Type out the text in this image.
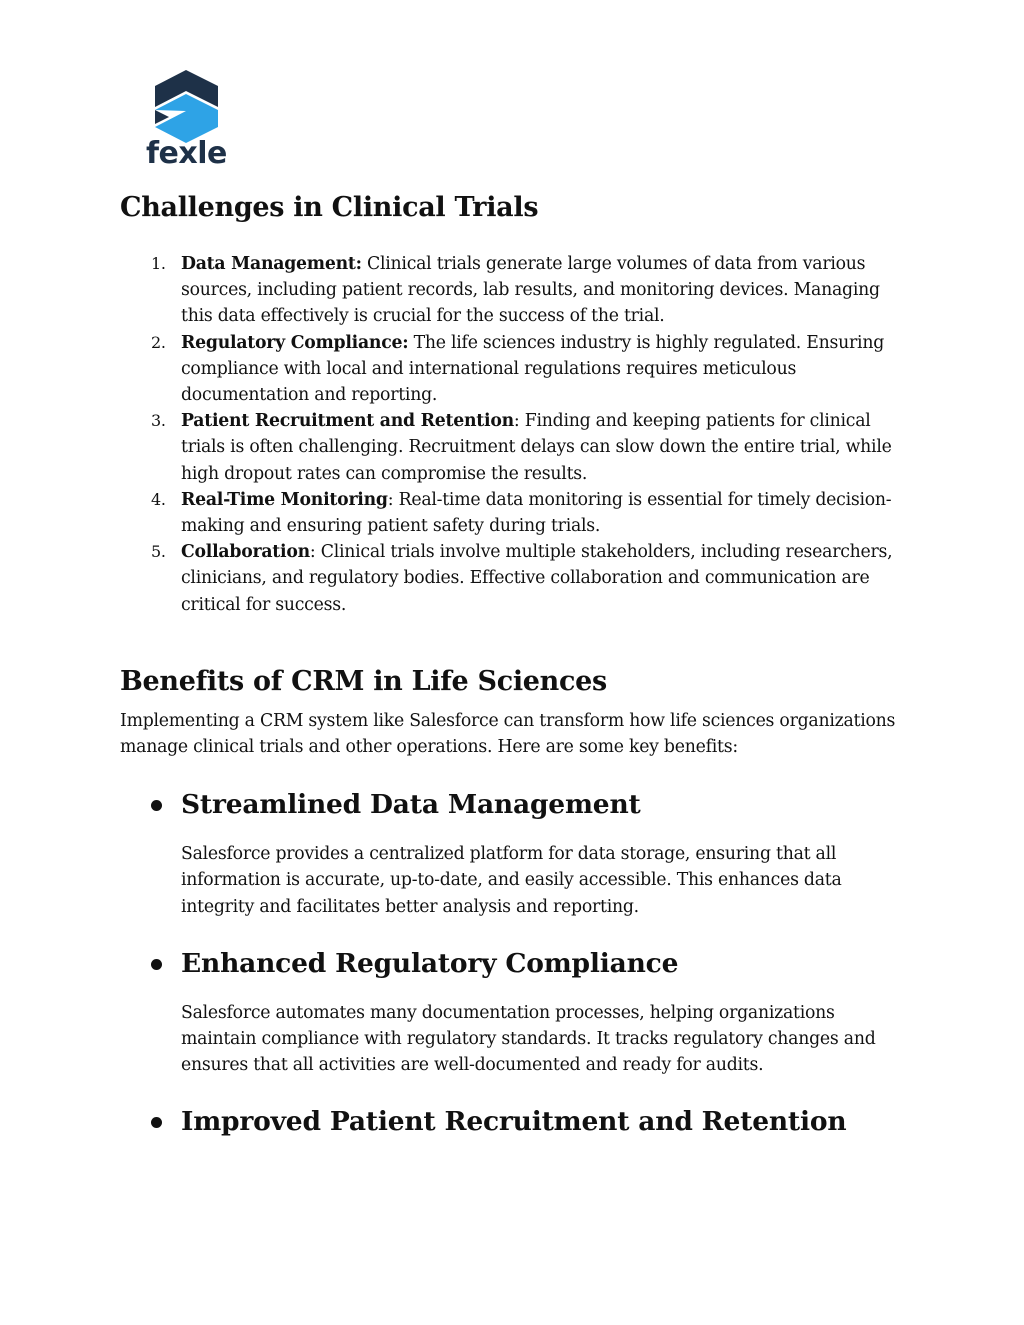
fexle
Challenges in Clinical Trials
1. Data Management: Clinical trials generate large volumes of data from various sources, including patient records, lab results, and monitoring devices. Managing this data effectively is crucial for the success of the trial.
2. Regulatory Compliance: The life sciences industry is highly regulated. Ensuring compliance with local and international regulations requires meticulous documentation and reporting.
3. Patient Recruitment and Retention: Finding and keeping patients for clinical trials is often challenging. Recruitment delays can slow down the entire trial, while high dropout rates can compromise the results.
4. Real-Time Monitoring: Real-time data monitoring is essential for timely decision-making and ensuring patient safety during trials.
5. Collaboration: Clinical trials involve multiple stakeholders, including researchers, clinicians, and regulatory bodies. Effective collaboration and communication are critical for success.
Benefits of CRM in Life Sciences

Implementing a CRM system like Salesforce can transform how life sciences organizations manage clinical trials and other operations. Here are some key benefits:

Streamlined Data Management

Salesforce provides a centralized platform for data storage, ensuring that all information is accurate, up-to-date, and easily accessible. This enhances data integrity and facilitates better analysis and reporting.

Enhanced Regulatory Compliance

Salesforce automates many documentation processes, helping organizations maintain compliance with regulatory standards. It tracks regulatory changes and ensures that all activities are well-documented and ready for audits.

Improved Patient Recruitment and Retention
